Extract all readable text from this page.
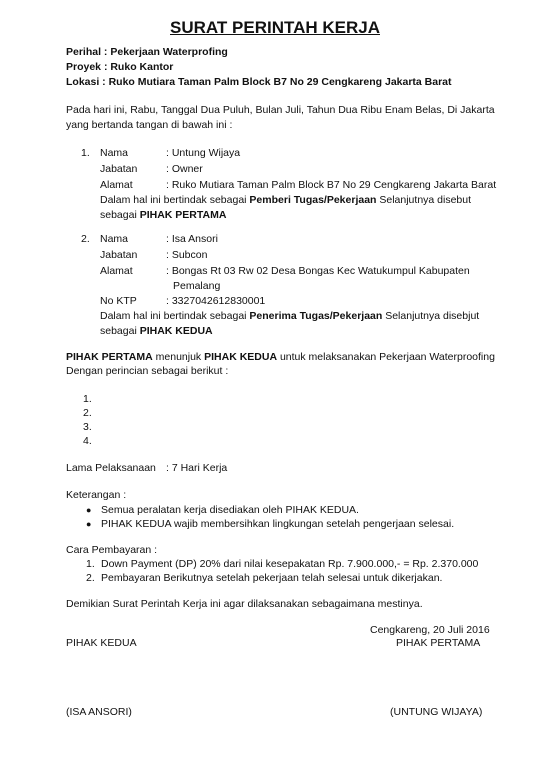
SURAT PERINTAH KERJA
Perihal : Pekerjaan Waterprofing
Proyek : Ruko Kantor
Lokasi : Ruko Mutiara Taman Palm Block B7 No 29 Cengkareng Jakarta Barat
Pada hari ini, Rabu, Tanggal Dua Puluh, Bulan Juli, Tahun Dua Ribu Enam Belas, Di Jakarta
yang bertanda tangan di bawah ini :
1. Nama	: Untung Wijaya
Jabatan	: Owner
Alamat	: Ruko Mutiara Taman Palm Block B7 No 29 Cengkareng Jakarta Barat
Dalam hal ini bertindak sebagai Pemberi Tugas/Pekerjaan Selanjutnya disebut
sebagai PIHAK PERTAMA
2. Nama	: Isa Ansori
Jabatan	: Subcon
Alamat	: Bongas Rt 03 Rw 02 Desa Bongas Kec Watukumpul Kabupaten
Pemalang
No KTP	: 3327042612830001
Dalam hal ini bertindak sebagai Penerima Tugas/Pekerjaan Selanjutnya disebjut
sebagai PIHAK KEDUA
PIHAK PERTAMA menunjuk PIHAK KEDUA untuk melaksanakan Pekerjaan Waterproofing
Dengan perincian sebagai berikut :
1.
2.
3.
4.
Lama Pelaksanaan : 7 Hari Kerja
Keterangan :
● Semua peralatan kerja disediakan oleh PIHAK KEDUA.
● PIHAK KEDUA wajib membersihkan lingkungan setelah pengerjaan selesai.
Cara Pembayaran :
1. Down Payment (DP) 20% dari nilai kesepakatan Rp. 7.900.000,- = Rp. 2.370.000
2. Pembayaran Berikutnya setelah pekerjaan telah selesai untuk dikerjakan.
Demikian Surat Perintah Kerja ini agar dilaksanakan sebagaimana mestinya.
Cengkareng, 20 Juli 2016
PIHAK KEDUA	PIHAK PERTAMA
(ISA ANSORI)	(UNTUNG WIJAYA)
